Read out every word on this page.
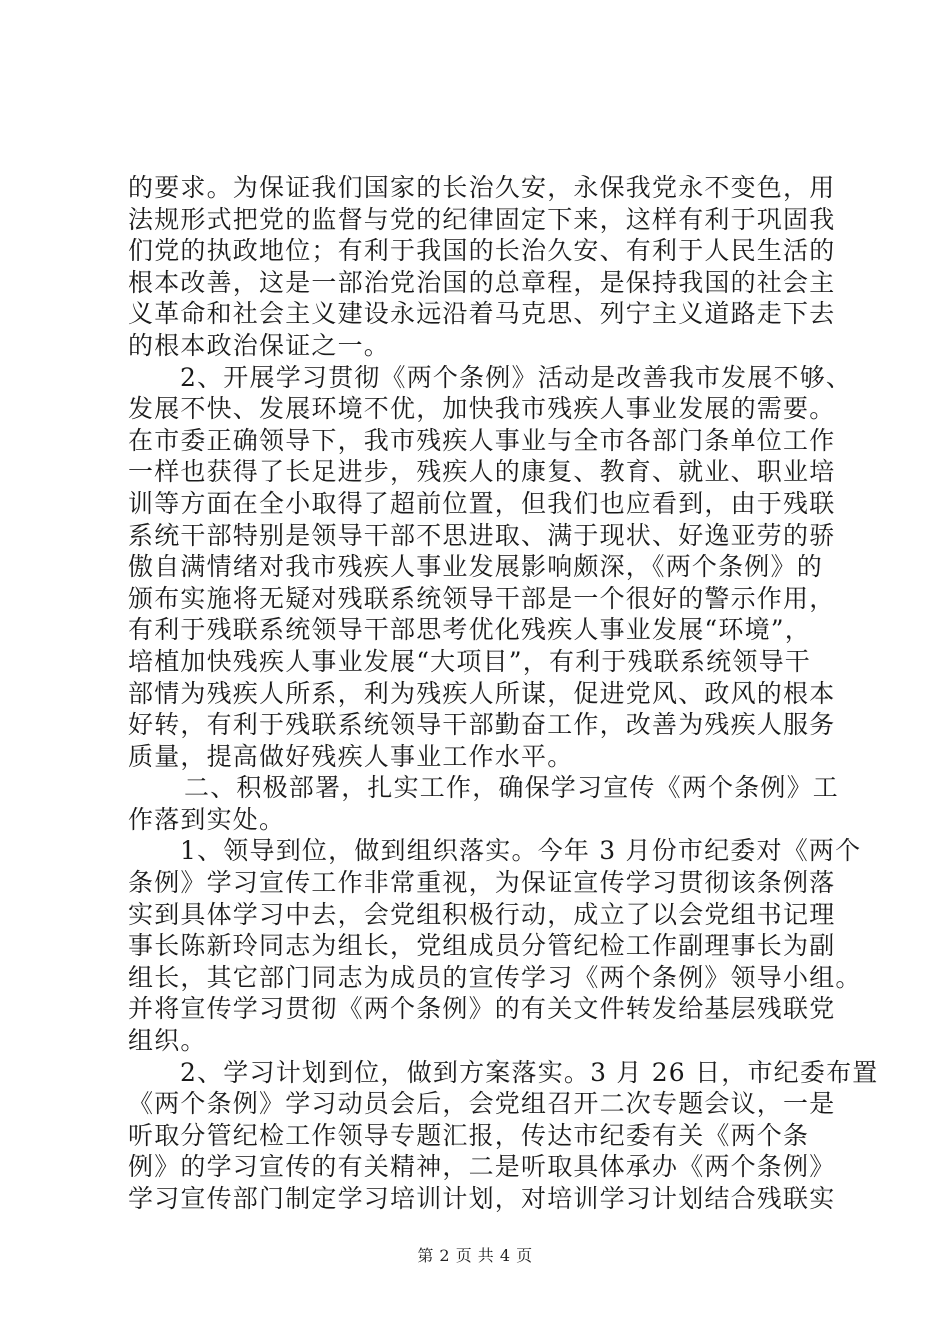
的要求。为保证我们国家的长治久安，永保我党永不变色，用
法规形式把党的监督与党的纪律固定下来，这样有利于巩固我
们党的执政地位；有利于我国的长治久安、有利于人民生活的
根本改善，这是一部治党治国的总章程，是保持我国的社会主
义革命和社会主义建设永远沿着马克思、列宁主义道路走下去
的根本政治保证之一。
2、开展学习贯彻《两个条例》活动是改善我市发展不够、
发展不快、发展环境不优，加快我市残疾人事业发展的需要。
在市委正确领导下，我市残疾人事业与全市各部门条单位工作
一样也获得了长足进步，残疾人的康复、教育、就业、职业培
训等方面在全小取得了超前位置，但我们也应看到，由于残联
系统干部特别是领导干部不思进取、满于现状、好逸亚劳的骄
傲自满情绪对我市残疾人事业发展影响颇深，《两个条例》的
颁布实施将无疑对残联系统领导干部是一个很好的警示作用，
有利于残联系统领导干部思考优化残疾人事业发展“环境”，
培植加快残疾人事业发展“大项目”，有利于残联系统领导干
部情为残疾人所系，利为残疾人所谋，促进党风、政风的根本
好转，有利于残联系统领导干部勤奋工作，改善为残疾人服务
质量，提高做好残疾人事业工作水平。
二、积极部署，扎实工作，确保学习宣传《两个条例》工
作落到实处。
1、领导到位，做到组织落实。今年 3 月份市纪委对《两个
条例》学习宣传工作非常重视，为保证宣传学习贯彻该条例落
实到具体学习中去，会党组积极行动，成立了以会党组书记理
事长陈新玲同志为组长，党组成员分管纪检工作副理事长为副
组长，其它部门同志为成员的宣传学习《两个条例》领导小组。
并将宣传学习贯彻《两个条例》的有关文件转发给基层残联党
组织。
2、学习计划到位，做到方案落实。3 月 26 日，市纪委布置
《两个条例》学习动员会后，会党组召开二次专题会议，一是
听取分管纪检工作领导专题汇报，传达市纪委有关《两个条
例》的学习宣传的有关精神，二是听取具体承办《两个条例》
学习宣传部门制定学习培训计划，对培训学习计划结合残联实
第 2 页 共 4 页
